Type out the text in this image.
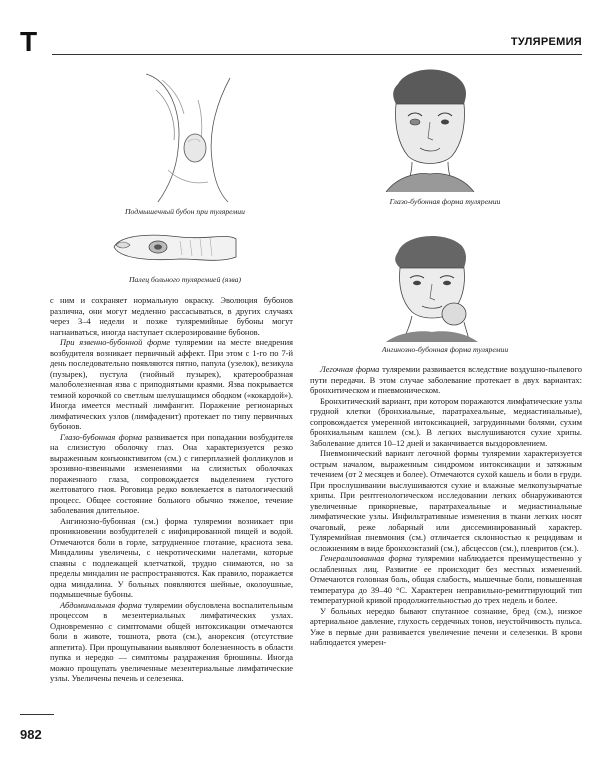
Т	ТУЛЯРЕМИЯ
Подмышечный бубон при туляремии
Палец больного туляремией (язва)
Глазо-бубонная форма туляремии
Ангинозно-бубонная форма туляремии

с ним и сохраняет нормальную окраску. Эволюция бубонов различна, они могут медленно рассасываться, в других случаях через 3–4 недели и позже туляремийные бубоны могут нагнаиваться, иногда наступает склерозирование бубонов.

При язвенно-бубонной форме туляремии на месте внедрения возбудителя возникает первичный аффект. При этом с 1-го по 7-й день последовательно появляются пятно, папула (узелок), везикула (пузырек), пустула (гнойный пузырек), кратерообразная малоболезненная язва с приподнятыми краями. Язва покрывается темной корочкой со светлым шелушащимся ободком («кокардой»). Иногда имеется местный лимфангит. Поражение регионарных лимфатических узлов (лимфаденит) протекает по типу первичных бубонов.

Глазо-бубонная форма развивается при попадании возбудителя на слизистую оболочку глаз. Она характеризуется резко выраженным конъюнктивитом (см.) с гиперплазией фолликулов и эрозивно-язвенными изменениями на слизистых оболочках пораженного глаза, сопровождается выделением густого желтоватого гноя. Роговица редко вовлекается в патологический процесс. Общее состояние больного обычно тяжелое, течение заболевания длительное.

Ангинозно-бубонная (см.) форма туляремии возникает при проникновении возбудителей с инфицированной пищей и водой. Отмечаются боли в горле, затрудненное глотание, краснота зева. Миндалины увеличены, с некротическими налетами, которые спаяны с подлежащей клетчаткой, трудно снимаются, но за пределы миндалин не распространяются. Как правило, поражается одна миндалина. У больных появляются шейные, околоушные, подмышечные бубоны.

Абдоминальная форма туляремии обусловлена воспалительным процессом в мезентериальных лимфатических узлах. Одновременно с симптомами общей интоксикации отмечаются боли в животе, тошнота, рвота (см.), анорексия (отсутствие аппетита). При прощупывании выявляют болезненность в области пупка и нередко — симптомы раздражения брюшины. Иногда можно прощупать увеличенные мезентериальные лимфатические узлы. Увеличены печень и селезенка.

Легочная форма туляремии развивается вследствие воздушно-пылевого пути передачи. В этом случае заболевание протекает в двух вариантах: бронхитическом и пневмоническом.

Бронхитический вариант, при котором поражаются лимфатические узлы грудной клетки (бронхиальные, паратрахеальные, медиастинальные), сопровождается умеренной интоксикацией, загрудинными болями, сухим бронхиальным кашлем (см.). В легких выслушиваются сухие хрипы. Заболевание длится 10–12 дней и заканчивается выздоровлением.

Пневмонический вариант легочной формы туляремии характеризуется острым началом, выраженным синдромом интоксикации и затяжным течением (от 2 месяцев и более). Отмечаются сухой кашель и боли в груди. При прослушивании выслушиваются сухие и влажные мелкопузырчатые хрипы. При рентгенологическом исследовании легких обнаруживаются увеличенные прикорневые, паратрахеальные и медиастинальные лимфатические узлы. Инфильтративные изменения в ткани легких носят очаговый, реже лобарный или диссеминированный характер. Туляремийная пневмония (см.) отличается склонностью к рецидивам и осложнениям в виде бронхоэктазий (см.), абсцессов (см.), плевритов (см.).

Генерализованная форма туляремии наблюдается преимущественно у ослабленных лиц. Развитие ее происходит без местных изменений. Отмечаются головная боль, общая слабость, мышечные боли, повышенная температура до 39–40 °С. Характерен неправильно-ремиттирующий тип температурной кривой продолжительностью до трех недель и более.

У больных нередко бывают спутанное сознание, бред (см.), низкое артериальное давление, глухость сердечных тонов, неустойчивость пульса. Уже в первые дни развивается увеличение печени и селезенки. В крови наблюдается умерен-

982
